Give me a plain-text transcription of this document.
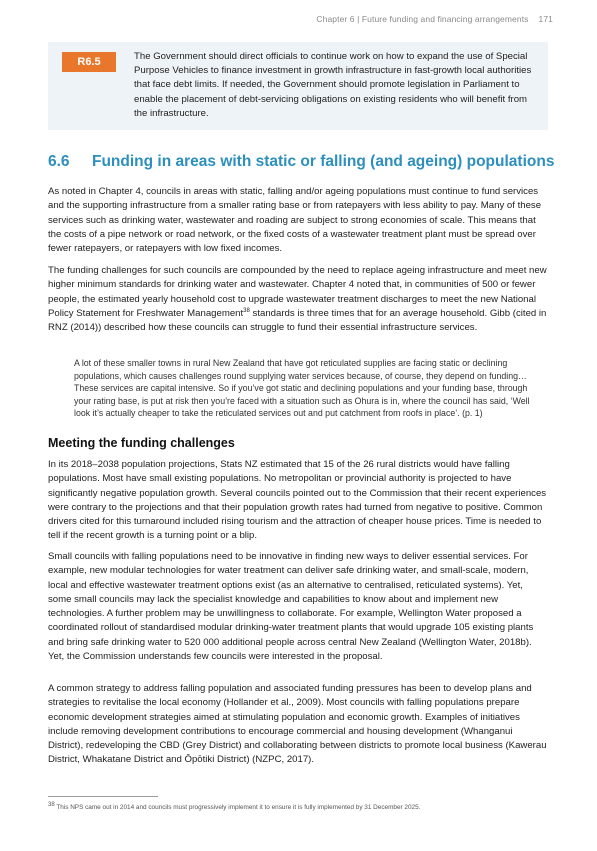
Chapter 6 | Future funding and financing arrangements 171
R6.5	The Government should direct officials to continue work on how to expand the use of Special Purpose Vehicles to finance investment in growth infrastructure in fast-growth local authorities that face debt limits. If needed, the Government should promote legislation in Parliament to enable the placement of debt-servicing obligations on existing residents who will benefit from the infrastructure.
6.6 Funding in areas with static or falling (and ageing) populations
As noted in Chapter 4, councils in areas with static, falling and/or ageing populations must continue to fund services and the supporting infrastructure from a smaller rating base or from ratepayers with less ability to pay. Many of these services such as drinking water, wastewater and roading are subject to strong economies of scale. This means that the costs of a pipe network or road network, or the fixed costs of a wastewater treatment plant must be spread over fewer ratepayers, or ratepayers with low fixed incomes.
The funding challenges for such councils are compounded by the need to replace ageing infrastructure and meet new higher minimum standards for drinking water and wastewater. Chapter 4 noted that, in communities of 500 or fewer people, the estimated yearly household cost to upgrade wastewater treatment discharges to meet the new National Policy Statement for Freshwater Management$^{38}$ standards is three times that for an average household. Gibb (cited in RNZ (2014)) described how these councils can struggle to fund their essential infrastructure services.
A lot of these smaller towns in rural New Zealand that have got reticulated supplies are facing static or declining populations, which causes challenges round supplying water services because, of course, they depend on funding…These services are capital intensive. So if you’ve got static and declining populations and your funding base, through your rating base, is put at risk then you’re faced with a situation such as Ohura is in, where the council has said, ‘Well look it’s actually cheaper to take the reticulated services out and put catchment from roofs in place’. (p. 1)
Meeting the funding challenges
In its 2018–2038 population projections, Stats NZ estimated that 15 of the 26 rural districts would have falling populations. Most have small existing populations. No metropolitan or provincial authority is projected to have significantly negative population growth. Several councils pointed out to the Commission that their recent experiences were contrary to the projections and that their population growth rates had turned from negative to positive. Common drivers cited for this turnaround included rising tourism and the attraction of cheaper house prices. Time is needed to tell if the recent growth is a turning point or a blip.
Small councils with falling populations need to be innovative in finding new ways to deliver essential services. For example, new modular technologies for water treatment can deliver safe drinking water, and small-scale, modern, local and effective wastewater treatment options exist (as an alternative to centralised, reticulated systems). Yet, some small councils may lack the specialist knowledge and capabilities to know about and implement new technologies. A further problem may be unwillingness to collaborate. For example, Wellington Water proposed a coordinated rollout of standardised modular drinking-water treatment plants that would upgrade 105 existing plants and bring safe drinking water to 520 000 additional people across central New Zealand (Wellington Water, 2018b). Yet, the Commission understands few councils were interested in the proposal.
A common strategy to address falling population and associated funding pressures has been to develop plans and strategies to revitalise the local economy (Hollander et al., 2009). Most councils with falling populations prepare economic development strategies aimed at stimulating population and economic growth. Examples of initiatives include removing development contributions to encourage commercial and housing development (Whanganui District), redeveloping the CBD (Grey District) and collaborating between districts to promote local business (Kawerau District, Whakatane District and Ōpōtiki District) (NZPC, 2017).
$^{38}$ This NPS came out in 2014 and councils must progressively implement it to ensure it is fully implemented by 31 December 2025.
